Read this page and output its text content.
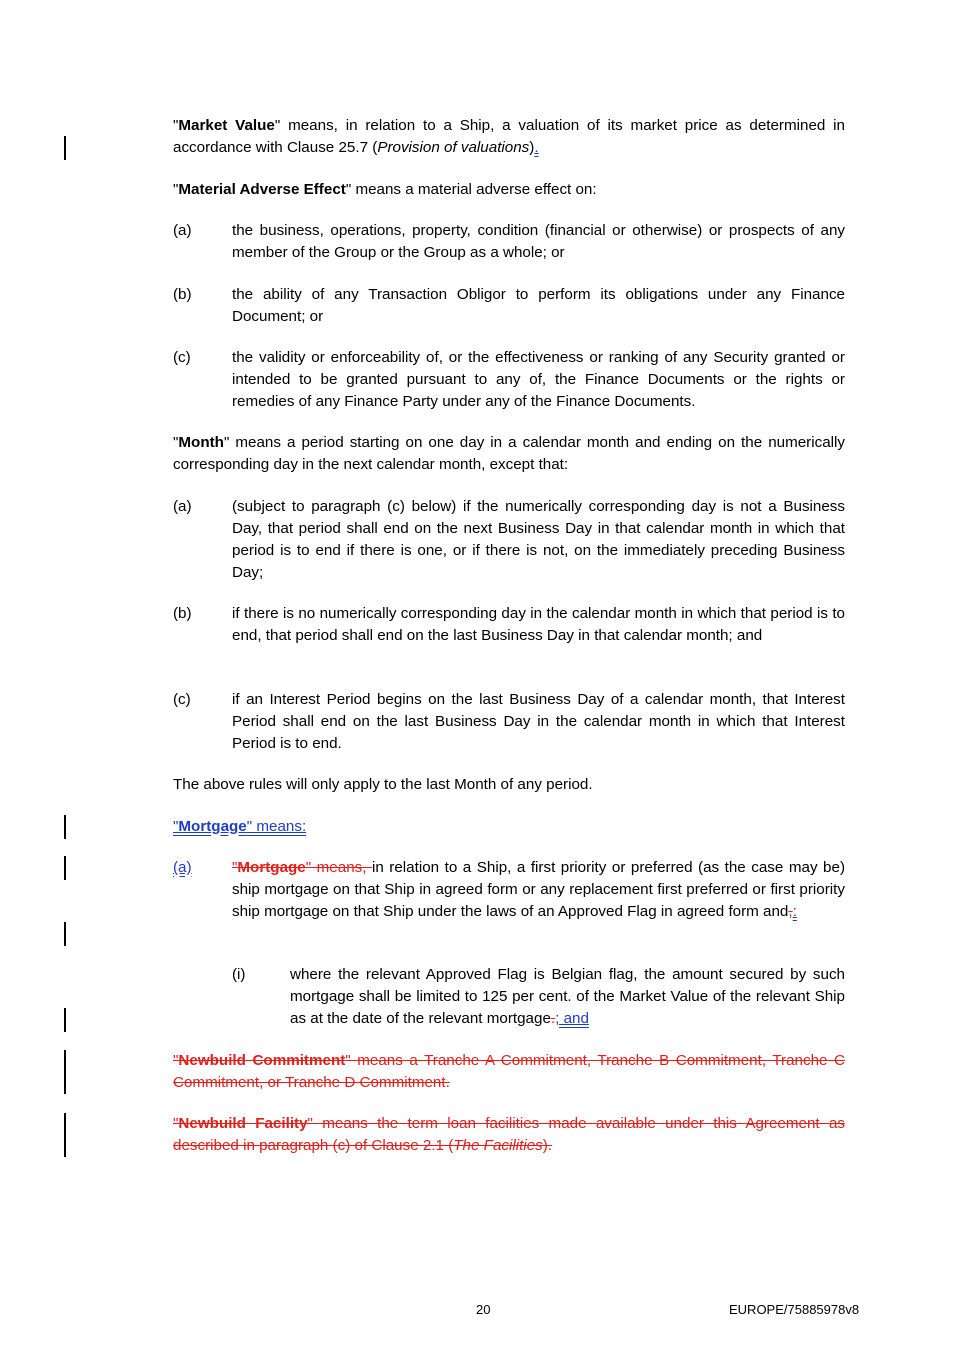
"Market Value" means, in relation to a Ship, a valuation of its market price as determined in accordance with Clause 25.7 (Provision of valuations).

"Material Adverse Effect" means a material adverse effect on:

(a)	the business, operations, property, condition (financial or otherwise) or prospects of any member of the Group or the Group as a whole; or
(b)	the ability of any Transaction Obligor to perform its obligations under any Finance Document; or
(c)	the validity or enforceability of, or the effectiveness or ranking of any Security granted or intended to be granted pursuant to any of, the Finance Documents or the rights or remedies of any Finance Party under any of the Finance Documents.

"Month" means a period starting on one day in a calendar month and ending on the numerically corresponding day in the next calendar month, except that:

(a)	(subject to paragraph (c) below) if the numerically corresponding day is not a Business Day, that period shall end on the next Business Day in that calendar month in which that period is to end if there is one, or if there is not, on the immediately preceding Business Day;
(b)	if there is no numerically corresponding day in the calendar month in which that period is to end, that period shall end on the last Business Day in that calendar month; and
(c)	if an Interest Period begins on the last Business Day of a calendar month, that Interest Period shall end on the last Business Day in the calendar month in which that Interest Period is to end.

The above rules will only apply to the last Month of any period.

"Mortgage" means:

(a)	"Mortgage" means, in relation to a Ship, a first priority or preferred (as the case may be) ship mortgage on that Ship in agreed form or any replacement first preferred or first priority ship mortgage on that Ship under the laws of an Approved Flag in agreed form and,:
(i)	where the relevant Approved Flag is Belgian flag, the amount secured by such mortgage shall be limited to 125 per cent. of the Market Value of the relevant Ship as at the date of the relevant mortgage.; and

"Newbuild Commitment" means a Tranche A Commitment, Tranche B Commitment, Tranche C Commitment, or Tranche D Commitment.

"Newbuild Facility" means the term loan facilities made available under this Agreement as described in paragraph (c) of Clause 2.1 (The Facilities).

20	EUROPE/75885978v8
